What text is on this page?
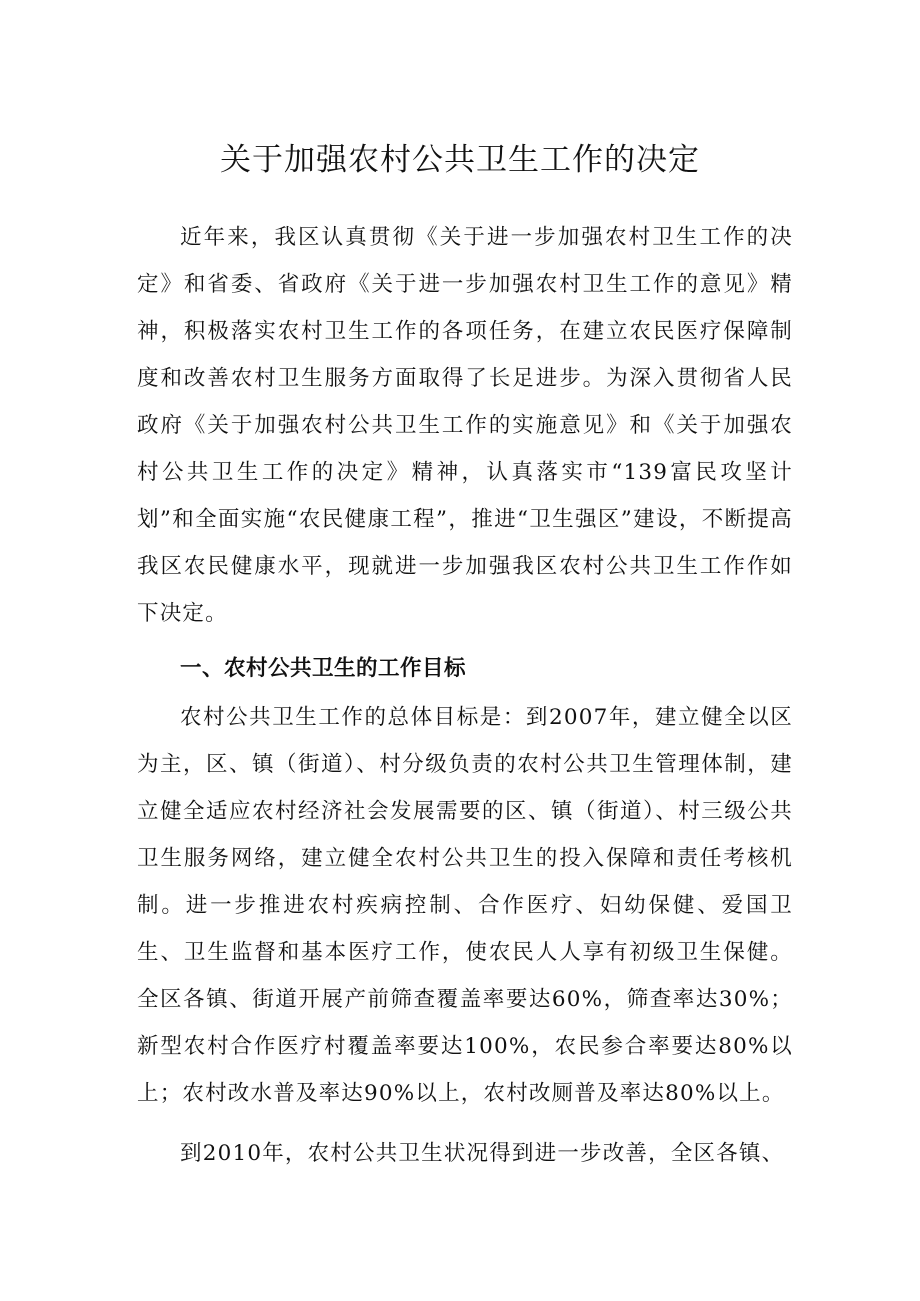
关于加强农村公共卫生工作的决定

近年来，我区认真贯彻《关于进一步加强农村卫生工作的决定》和省委、省政府《关于进一步加强农村卫生工作的意见》精神，积极落实农村卫生工作的各项任务，在建立农民医疗保障制度和改善农村卫生服务方面取得了长足进步。为深入贯彻省人民政府《关于加强农村公共卫生工作的实施意见》和《关于加强农村公共卫生工作的决定》精神，认真落实市“139富民攻坚计划”和全面实施“农民健康工程”，推进“卫生强区”建设，不断提高我区农民健康水平，现就进一步加强我区农村公共卫生工作作如下决定。

一、农村公共卫生的工作目标

农村公共卫生工作的总体目标是：到2007年，建立健全以区为主，区、镇（街道）、村分级负责的农村公共卫生管理体制，建立健全适应农村经济社会发展需要的区、镇（街道）、村三级公共卫生服务网络，建立健全农村公共卫生的投入保障和责任考核机制。进一步推进农村疾病控制、合作医疗、妇幼保健、爱国卫生、卫生监督和基本医疗工作，使农民人人享有初级卫生保健。全区各镇、街道开展产前筛查覆盖率要达60%，筛查率达30%；新型农村合作医疗村覆盖率要达100%，农民参合率要达80%以上；农村改水普及率达90%以上，农村改厕普及率达80%以上。

到2010年，农村公共卫生状况得到进一步改善，全区各镇、
